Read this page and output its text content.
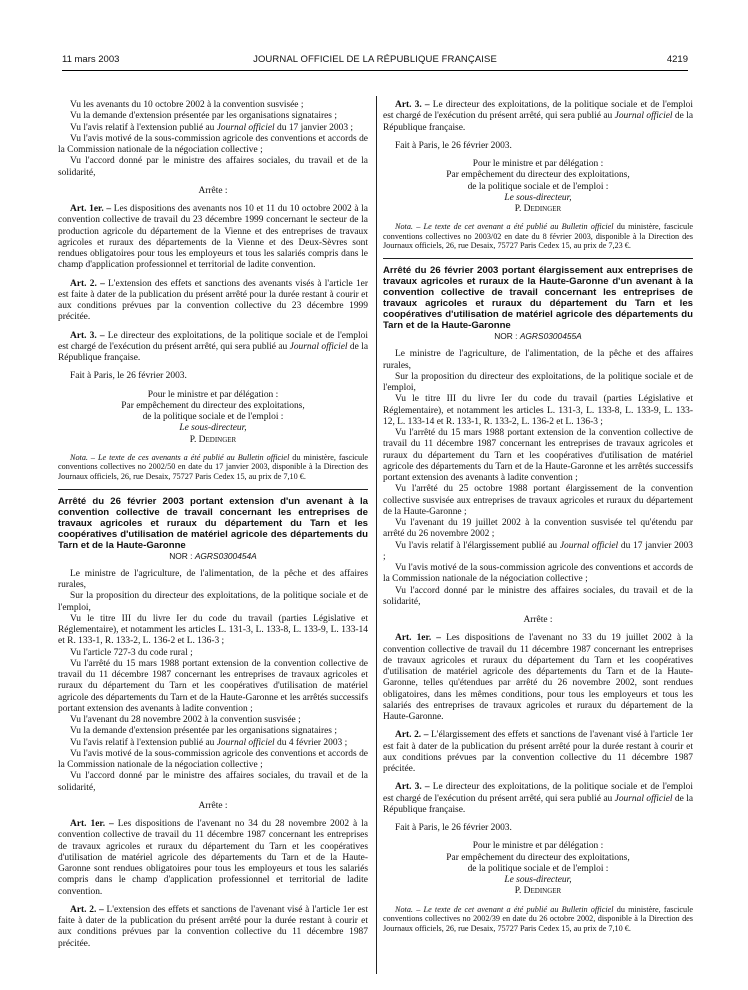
11 mars 2003	JOURNAL OFFICIEL DE LA RÉPUBLIQUE FRANÇAISE	4219

Vu les avenants du 10 octobre 2002 à la convention susvisée ;

Vu la demande d'extension présentée par les organisations signataires ;

Vu l'avis relatif à l'extension publié au Journal officiel du 17 janvier 2003 ;

Vu l'avis motivé de la sous-commission agricole des conventions et accords de la Commission nationale de la négociation collective ;

Vu l'accord donné par le ministre des affaires sociales, du travail et de la solidarité,

Arrête :

Art. 1er. – Les dispositions des avenants nos 10 et 11 du 10 octobre 2002 à la convention collective de travail du 23 décembre 1999 concernant le secteur de la production agricole du département de la Vienne et des entreprises de travaux agricoles et ruraux des départements de la Vienne et des Deux-Sèvres sont rendues obligatoires pour tous les employeurs et tous les salariés compris dans le champ d'application professionnel et territorial de ladite convention.

Art. 2. – L'extension des effets et sanctions des avenants visés à l'article 1er est faite à dater de la publication du présent arrêté pour la durée restant à courir et aux conditions prévues par la convention collective du 23 décembre 1999 précitée.

Art. 3. – Le directeur des exploitations, de la politique sociale et de l'emploi est chargé de l'exécution du présent arrêté, qui sera publié au Journal officiel de la République française.

Fait à Paris, le 26 février 2003.

Pour le ministre et par délégation :

Par empêchement du directeur des exploitations,

de la politique sociale et de l'emploi :

Le sous-directeur,

P. Dedinger

Nota. – Le texte de ces avenants a été publié au Bulletin officiel du ministère, fascicule conventions collectives no 2002/50 en date du 17 janvier 2003, disponible à la Direction des Journaux officiels, 26, rue Desaix, 75727 Paris Cedex 15, au prix de 7,10 €.

Arrêté du 26 février 2003 portant extension d'un avenant à la convention collective de travail concernant les entreprises de travaux agricoles et ruraux du département du Tarn et les coopératives d'utilisation de matériel agricole des départements du Tarn et de la Haute-Garonne

NOR : AGRS0300454A

Le ministre de l'agriculture, de l'alimentation, de la pêche et des affaires rurales,

Sur la proposition du directeur des exploitations, de la politique sociale et de l'emploi,

Vu le titre III du livre Ier du code du travail (parties Législative et Réglementaire), et notamment les articles L. 131-3, L. 133-8, L. 133-9, L. 133-14 et R. 133-1, R. 133-2, L. 136-2 et L. 136-3 ;

Vu l'article 727-3 du code rural ;

Vu l'arrêté du 15 mars 1988 portant extension de la convention collective de travail du 11 décembre 1987 concernant les entreprises de travaux agricoles et ruraux du département du Tarn et les coopératives d'utilisation de matériel agricole des départements du Tarn et de la Haute-Garonne et les arrêtés successifs portant extension des avenants à ladite convention ;

Vu l'avenant du 28 novembre 2002 à la convention susvisée ;

Vu la demande d'extension présentée par les organisations signataires ;

Vu l'avis relatif à l'extension publié au Journal officiel du 4 février 2003 ;

Vu l'avis motivé de la sous-commission agricole des conventions et accords de la Commission nationale de la négociation collective ;

Vu l'accord donné par le ministre des affaires sociales, du travail et de la solidarité,

Arrête :

Art. 1er. – Les dispositions de l'avenant no 34 du 28 novembre 2002 à la convention collective de travail du 11 décembre 1987 concernant les entreprises de travaux agricoles et ruraux du département du Tarn et les coopératives d'utilisation de matériel agricole des départements du Tarn et de la Haute-Garonne sont rendues obligatoires pour tous les employeurs et tous les salariés compris dans le champ d'application professionnel et territorial de ladite convention.

Art. 2. – L'extension des effets et sanctions de l'avenant visé à l'article 1er est faite à dater de la publication du présent arrêté pour la durée restant à courir et aux conditions prévues par la convention collective du 11 décembre 1987 précitée.

Art. 3. – Le directeur des exploitations, de la politique sociale et de l'emploi est chargé de l'exécution du présent arrêté, qui sera publié au Journal officiel de la République française.

Fait à Paris, le 26 février 2003.

Pour le ministre et par délégation :

Par empêchement du directeur des exploitations,

de la politique sociale et de l'emploi :

Le sous-directeur,

P. Dedinger

Nota. – Le texte de cet avenant a été publié au Bulletin officiel du ministère, fascicule conventions collectives no 2003/02 en date du 8 février 2003, disponible à la Direction des Journaux officiels, 26, rue Desaix, 75727 Paris Cedex 15, au prix de 7,23 €.

Arrêté du 26 février 2003 portant élargissement aux entreprises de travaux agricoles et ruraux de la Haute-Garonne d'un avenant à la convention collective de travail concernant les entreprises de travaux agricoles et ruraux du département du Tarn et les coopératives d'utilisation de matériel agricole des départements du Tarn et de la Haute-Garonne

NOR : AGRS0300455A

Le ministre de l'agriculture, de l'alimentation, de la pêche et des affaires rurales,

Sur la proposition du directeur des exploitations, de la politique sociale et de l'emploi,

Vu le titre III du livre Ier du code du travail (parties Législative et Réglementaire), et notamment les articles L. 131-3, L. 133-8, L. 133-9, L. 133-12, L. 133-14 et R. 133-1, R. 133-2, L. 136-2 et L. 136-3 ;

Vu l'arrêté du 15 mars 1988 portant extension de la convention collective de travail du 11 décembre 1987 concernant les entreprises de travaux agricoles et ruraux du département du Tarn et les coopératives d'utilisation de matériel agricole des départements du Tarn et de la Haute-Garonne et les arrêtés successifs portant extension des avenants à ladite convention ;

Vu l'arrêté du 25 octobre 1988 portant élargissement de la convention collective susvisée aux entreprises de travaux agricoles et ruraux du département de la Haute-Garonne ;

Vu l'avenant du 19 juillet 2002 à la convention susvisée tel qu'étendu par arrêté du 26 novembre 2002 ;

Vu l'avis relatif à l'élargissement publié au Journal officiel du 17 janvier 2003 ;

Vu l'avis motivé de la sous-commission agricole des conventions et accords de la Commission nationale de la négociation collective ;

Vu l'accord donné par le ministre des affaires sociales, du travail et de la solidarité,

Arrête :

Art. 1er. – Les dispositions de l'avenant no 33 du 19 juillet 2002 à la convention collective de travail du 11 décembre 1987 concernant les entreprises de travaux agricoles et ruraux du département du Tarn et les coopératives d'utilisation de matériel agricole des départements du Tarn et de la Haute-Garonne, telles qu'étendues par arrêté du 26 novembre 2002, sont rendues obligatoires, dans les mêmes conditions, pour tous les employeurs et tous les salariés des entreprises de travaux agricoles et ruraux du département de la Haute-Garonne.

Art. 2. – L'élargissement des effets et sanctions de l'avenant visé à l'article 1er est fait à dater de la publication du présent arrêté pour la durée restant à courir et aux conditions prévues par la convention collective du 11 décembre 1987 précitée.

Art. 3. – Le directeur des exploitations, de la politique sociale et de l'emploi est chargé de l'exécution du présent arrêté, qui sera publié au Journal officiel de la République française.

Fait à Paris, le 26 février 2003.

Pour le ministre et par délégation :

Par empêchement du directeur des exploitations,

de la politique sociale et de l'emploi :

Le sous-directeur,

P. Dedinger

Nota. – Le texte de cet avenant a été publié au Bulletin officiel du ministère, fascicule conventions collectives no 2002/39 en date du 26 octobre 2002, disponible à la Direction des Journaux officiels, 26, rue Desaix, 75727 Paris Cedex 15, au prix de 7,10 €.
